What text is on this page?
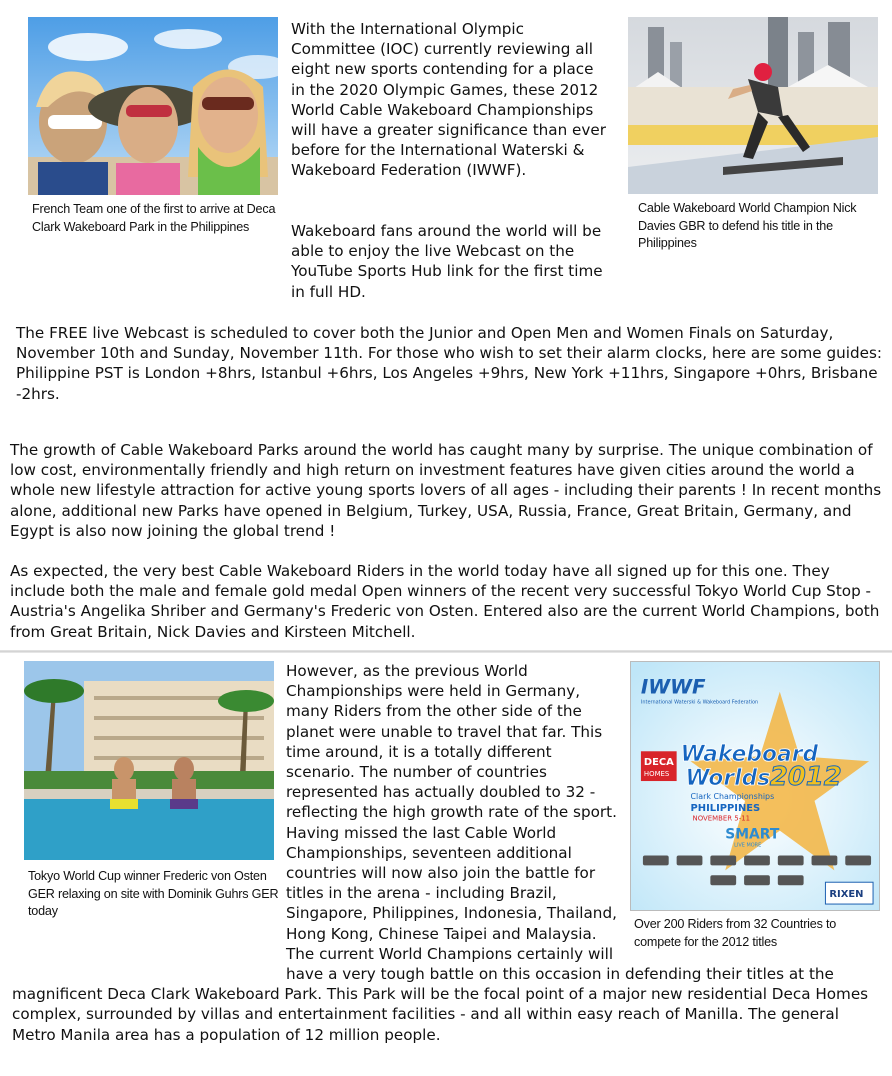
French Team one of the first to arrive at Deca Clark Wakeboard Park in the Philippines

With the International Olympic Committee (IOC) currently reviewing all eight new sports contending for a place in the 2020 Olympic Games, these 2012 World Cable Wakeboard Championships will have a greater significance than ever before for the International Waterski & Wakeboard Federation (IWWF).

Wakeboard fans around the world will be able to enjoy the live Webcast on the YouTube Sports Hub link for the first time in full HD.

Cable Wakeboard World Champion Nick Davies GBR to defend his title in the Philippines

The FREE live Webcast is scheduled to cover both the Junior and Open Men and Women Finals on Saturday, November 10th and Sunday, November 11th. For those who wish to set their alarm clocks, here are some guides: Philippine PST is London +8hrs, Istanbul +6hrs, Los Angeles +9hrs, New York +11hrs, Singapore +0hrs, Brisbane -2hrs.

The growth of Cable Wakeboard Parks around the world has caught many by surprise. The unique combination of low cost, environmentally friendly and high return on investment features have given cities around the world a whole new lifestyle attraction for active young sports lovers of all ages - including their parents ! In recent months alone, additional new Parks have opened in Belgium, Turkey, USA, Russia, France, Great Britain, Germany, and Egypt is also now joining the global trend !

As expected, the very best Cable Wakeboard Riders in the world today have all signed up for this one. They include both the male and female gold medal Open winners of the recent very successful Tokyo World Cup Stop - Austria's Angelika Shriber and Germany's Frederic von Osten. Entered also are the current World Champions, both from Great Britain, Nick Davies and Kirsteen Mitchell.

Tokyo World Cup winner Frederic von Osten GER relaxing on site with Dominik Guhrs GER today

IWWF
International Waterski & Wakeboard Federation
DECA
HOMES
Wakeboard
Worlds 2012
Clark Championships
PHILIPPINES
NOVEMBER 5-11
SMART
LIVE MORE
RIXEN

Over 200 Riders from 32 Countries to compete for the 2012 titles

However, as the previous World Championships were held in Germany, many Riders from the other side of the planet were unable to travel that far. This time around, it is a totally different scenario. The number of countries represented has actually doubled to 32 - reflecting the high growth rate of the sport. Having missed the last Cable World Championships, seventeen additional countries will now also join the battle for titles in the arena - including Brazil, Singapore, Philippines, Indonesia, Thailand, Hong Kong, Chinese Taipei and Malaysia. The current World Champions certainly will have a very tough battle on this occasion in defending their titles at the magnificent Deca Clark Wakeboard Park. This Park will be the focal point of a major new residential Deca Homes complex, surrounded by villas and entertainment facilities - and all within easy reach of Manilla. The general Metro Manila area has a population of 12 million people.
